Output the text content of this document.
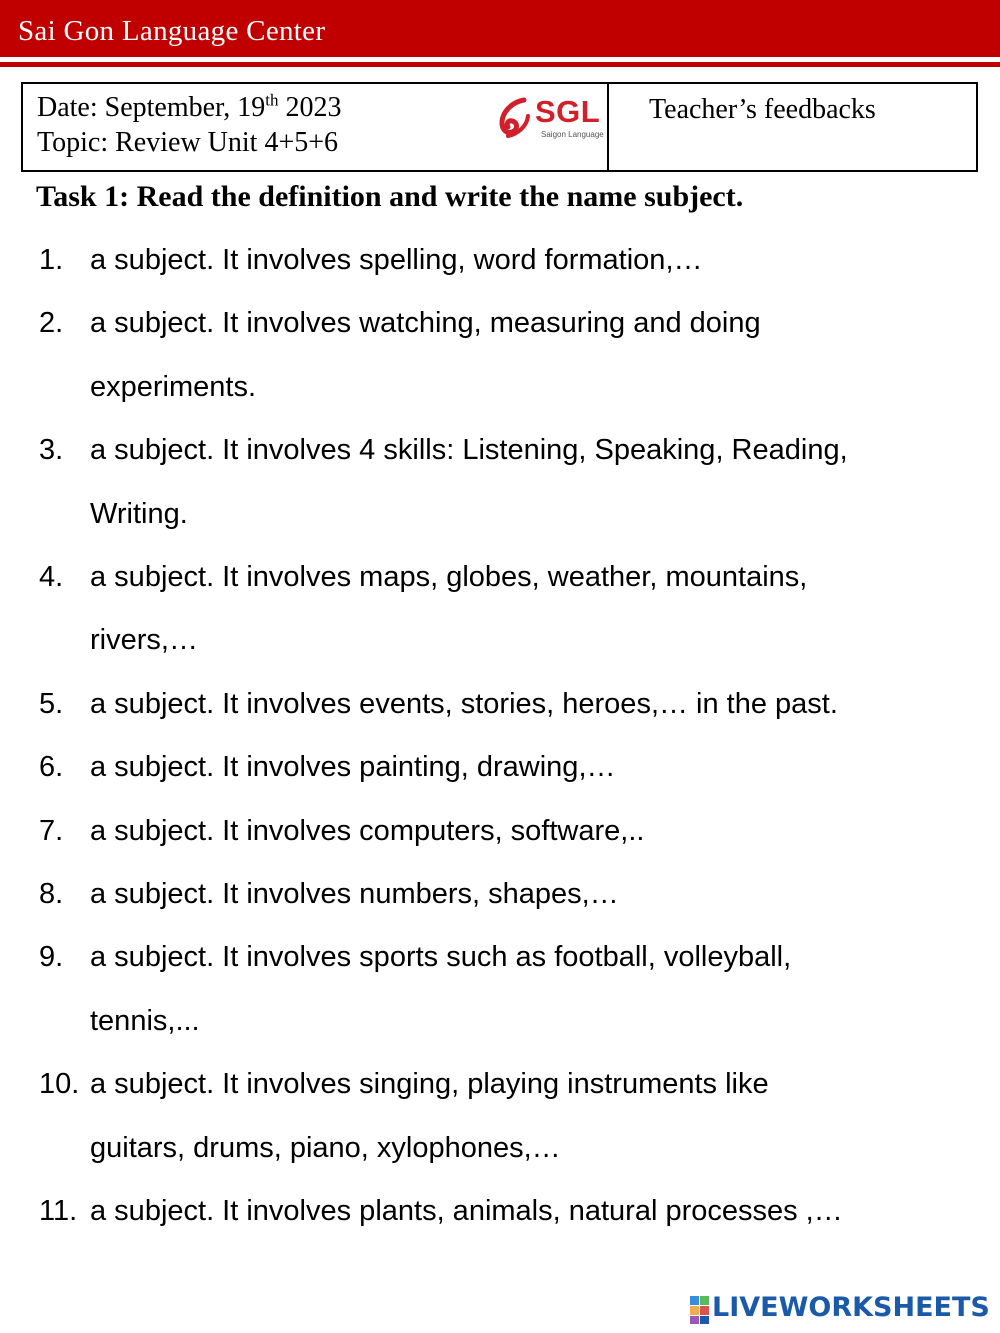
Sai Gon Language Center
Date: September, 19th 2023
Topic: Review Unit 4+5+6
SGL
Saigon Language
Teacher’s feedbacks
Task 1: Read the definition and write the name subject.
1. a subject. It involves spelling, word formation,…
2. a subject. It involves watching, measuring and doing
experiments.
3. a subject. It involves 4 skills: Listening, Speaking, Reading,
Writing.
4. a subject. It involves maps, globes, weather, mountains,
rivers,…
5. a subject. It involves events, stories, heroes,… in the past.
6. a subject. It involves painting, drawing,…
7. a subject. It involves computers, software,..
8. a subject. It involves numbers, shapes,…
9. a subject. It involves sports such as football, volleyball,
tennis,...
10. a subject. It involves singing, playing instruments like
guitars, drums, piano, xylophones,…
11. a subject. It involves plants, animals, natural processes ,…
LIVEWORKSHEETS
